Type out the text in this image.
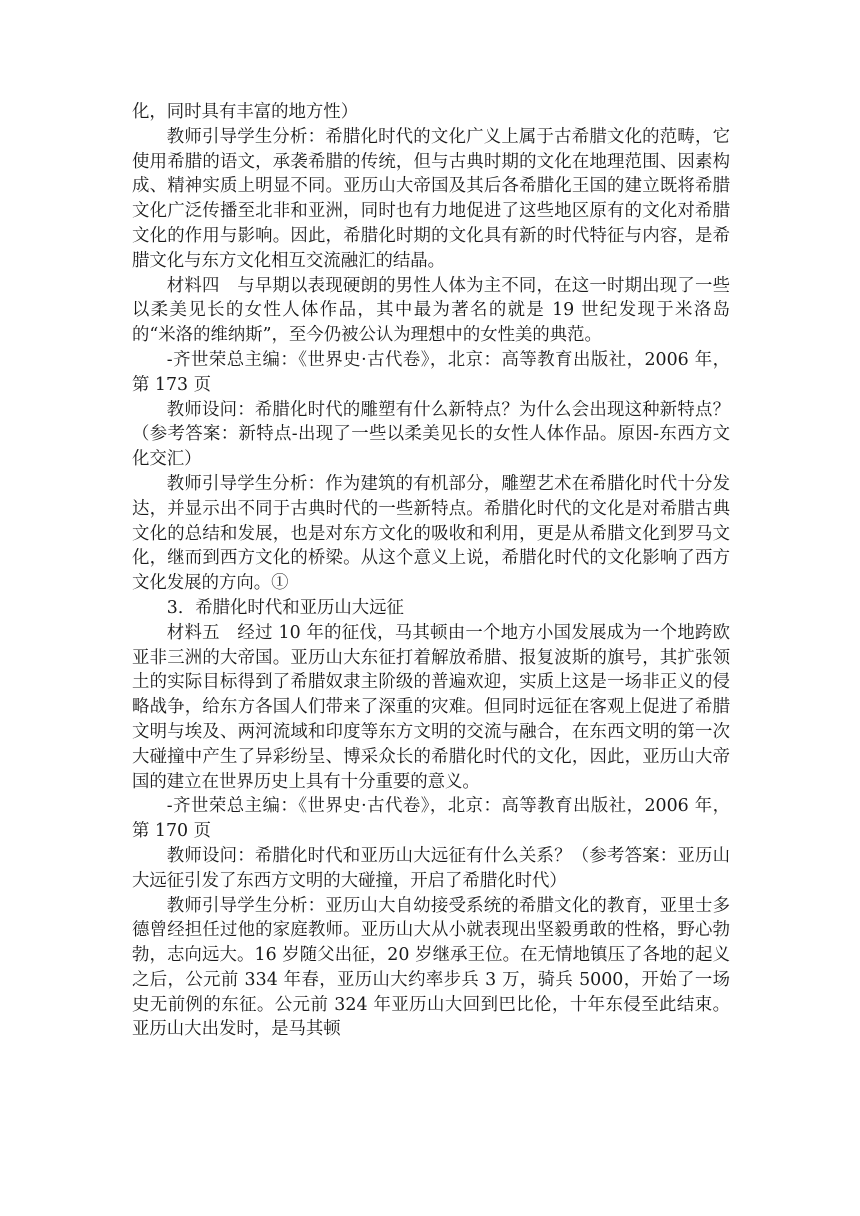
化，同时具有丰富的地方性）

教师引导学生分析：希腊化时代的文化广义上属于古希腊文化的范畴，它使用希腊的语文，承袭希腊的传统，但与古典时期的文化在地理范围、因素构成、精神实质上明显不同。亚历山大帝国及其后各希腊化王国的建立既将希腊文化广泛传播至北非和亚洲，同时也有力地促进了这些地区原有的文化对希腊文化的作用与影响。因此，希腊化时期的文化具有新的时代特征与内容，是希腊文化与东方文化相互交流融汇的结晶。

材料四　与早期以表现硬朗的男性人体为主不同，在这一时期出现了一些以柔美见长的女性人体作品，其中最为著名的就是 19 世纪发现于米洛岛的“米洛的维纳斯”，至今仍被公认为理想中的女性美的典范。

-齐世荣总主编：《世界史·古代卷》，北京：高等教育出版社，2006 年，第 173 页

教师设问：希腊化时代的雕塑有什么新特点？为什么会出现这种新特点？（参考答案：新特点-出现了一些以柔美见长的女性人体作品。原因-东西方文化交汇）

教师引导学生分析：作为建筑的有机部分，雕塑艺术在希腊化时代十分发达，并显示出不同于古典时代的一些新特点。希腊化时代的文化是对希腊古典文化的总结和发展，也是对东方文化的吸收和利用，更是从希腊文化到罗马文化，继而到西方文化的桥梁。从这个意义上说，希腊化时代的文化影响了西方文化发展的方向。①

3．希腊化时代和亚历山大远征

材料五　经过 10 年的征伐，马其顿由一个地方小国发展成为一个地跨欧亚非三洲的大帝国。亚历山大东征打着解放希腊、报复波斯的旗号，其扩张领土的实际目标得到了希腊奴隶主阶级的普遍欢迎，实质上这是一场非正义的侵略战争，给东方各国人们带来了深重的灾难。但同时远征在客观上促进了希腊文明与埃及、两河流域和印度等东方文明的交流与融合，在东西文明的第一次大碰撞中产生了异彩纷呈、博采众长的希腊化时代的文化，因此，亚历山大帝国的建立在世界历史上具有十分重要的意义。

-齐世荣总主编：《世界史·古代卷》，北京：高等教育出版社，2006 年，第 170 页

教师设问：希腊化时代和亚历山大远征有什么关系？（参考答案：亚历山大远征引发了东西方文明的大碰撞，开启了希腊化时代）

教师引导学生分析：亚历山大自幼接受系统的希腊文化的教育，亚里士多德曾经担任过他的家庭教师。亚历山大从小就表现出坚毅勇敢的性格，野心勃勃，志向远大。16 岁随父出征，20 岁继承王位。在无情地镇压了各地的起义之后，公元前 334 年春，亚历山大约率步兵 3 万，骑兵 5000，开始了一场史无前例的东征。公元前 324 年亚历山大回到巴比伦，十年东侵至此结束。亚历山大出发时，是马其顿
